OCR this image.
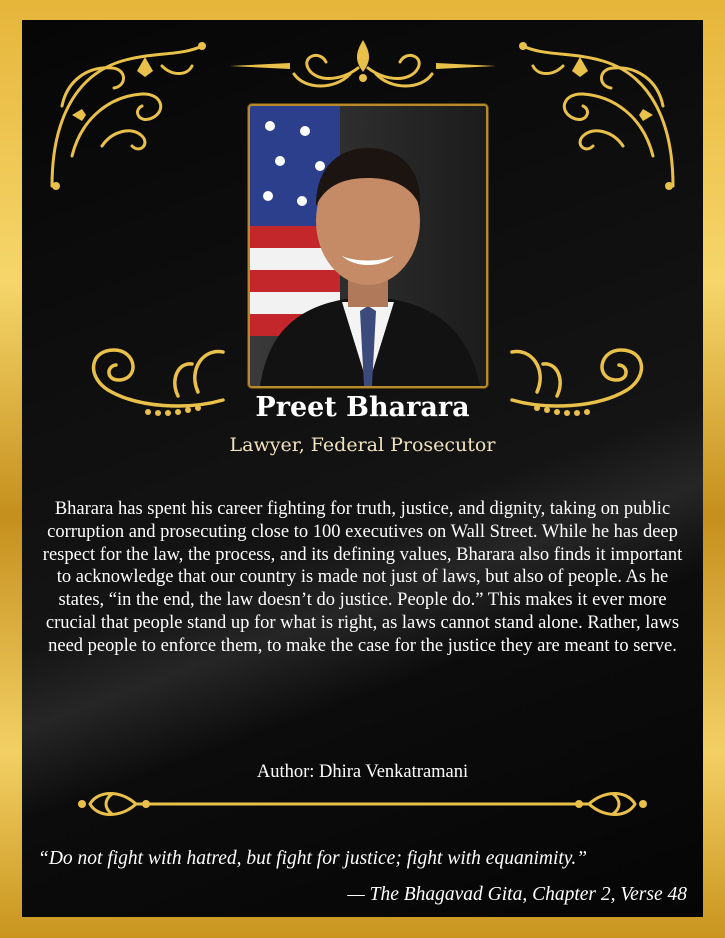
Preet Bharara
Lawyer, Federal Prosecutor
Bharara has spent his career fighting for truth, justice, and dignity, taking on public corruption and prosecuting close to 100 executives on Wall Street. While he has deep respect for the law, the process, and its defining values, Bharara also finds it important to acknowledge that our country is made not just of laws, but also of people. As he states, “in the end, the law doesn’t do justice. People do.” This makes it ever more crucial that people stand up for what is right, as laws cannot stand alone. Rather, laws need people to enforce them, to make the case for the justice they are meant to serve.
Author: Dhira Venkatramani
“Do not fight with hatred, but fight for justice; fight with equanimity.”
— The Bhagavad Gita, Chapter 2, Verse 48
